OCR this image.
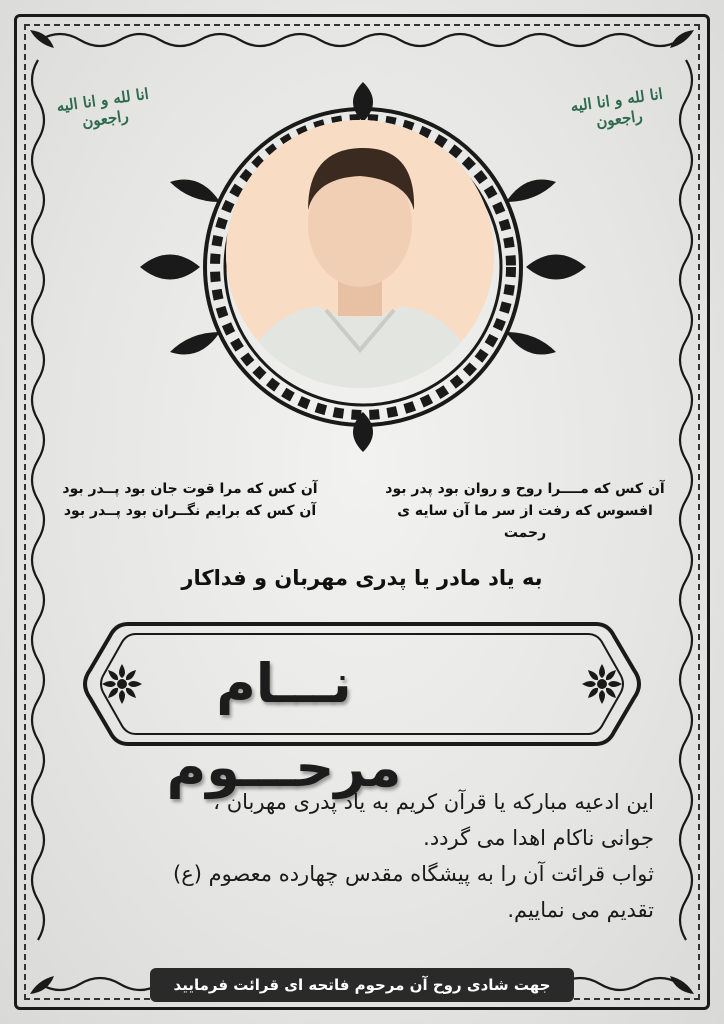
انا لله و انا الیه راجعون
انا لله و انا الیه راجعون
آن کس که مــــرا روح و روان بود پدر بود
افسوس که رفت از سر ما آن سایه ی رحمت
آن کس که مرا قوت جان بود پــدر بود
آن کس که برایم نگــران بود پــدر بود
به یاد مادر یا پدری مهربان و فداکار
نـــام مرحـــوم
این ادعیه مبارکه یا قرآن کریم به یاد پدری مهربان ،
جوانی ناکام اهدا می گردد.
ثواب قرائت آن را به پیشگاه مقدس چهارده معصوم (ع)
تقدیم می نماییم.
جهت شادی روح آن مرحوم فاتحه ای قرائت فرمایید
